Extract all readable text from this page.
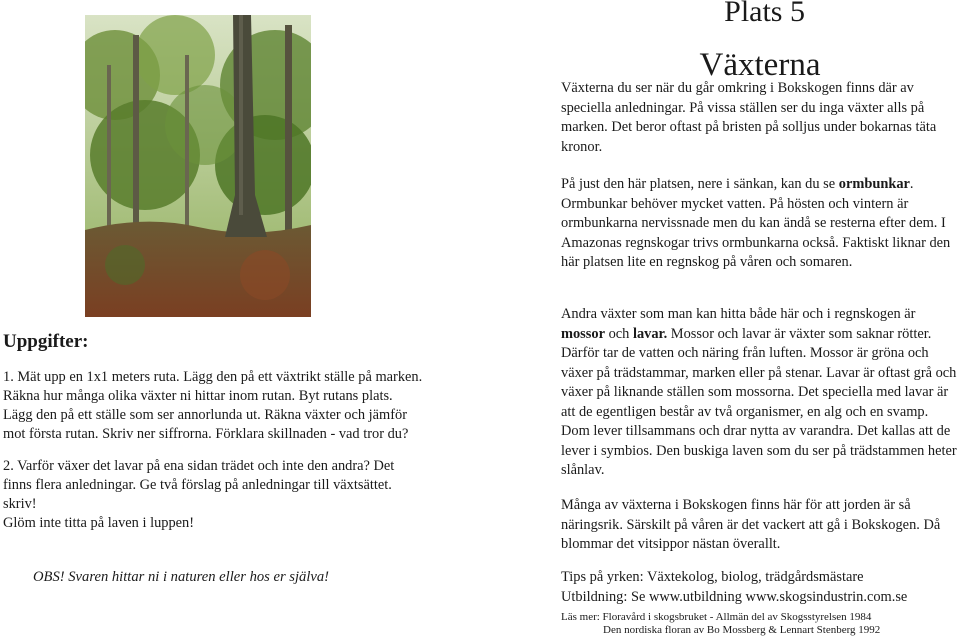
Plats 5
Växterna

Växterna du ser när du går omkring i Bokskogen finns där av speciella anledningar. På vissa ställen ser du inga växter alls på marken. Det beror oftast på bristen på solljus under bokarnas täta kronor.

På just den här platsen, nere i sänkan, kan du se ormbunkar. Ormbunkar behöver mycket vatten. På hösten och vintern är ormbunkarna nervissnade men du kan ändå se resterna efter dem. I Amazonas regnskogar trivs ormbunkarna också. Faktiskt liknar den här platsen lite en regnskog på våren och somaren.

Andra växter som man kan hitta både här och i regnskogen är mossor och lavar. Mossor och lavar är växter som saknar rötter. Därför tar de vatten och näring från luften. Mossor är gröna och växer på trädstammar, marken eller på stenar. Lavar är oftast grå och växer på liknande ställen som mossorna. Det speciella med lavar är att de egentligen består av två organismer, en alg och en svamp. Dom lever tillsammans och drar nytta av varandra. Det kallas att de lever i symbios. Den buskiga laven som du ser på trädstammen heter slånlav.

Många av växterna i Bokskogen finns här för att jorden är så näringsrik. Särskilt på våren är det vackert att gå i Bokskogen. Då blommar det vitsippor nästan överallt.

Tips på yrken: Växtekolog, biolog, trädgårdsmästare
Utbildning: Se www.utbildning www.skogsindustrin.com.se
Läs mer: Floravård i skogsbruket - Allmän del av Skogsstyrelsen 1984
Den nordiska floran av Bo Mossberg & Lennart Stenberg 1992
Uppgifter:

1. Mät upp en 1x1 meters ruta. Lägg den på ett växtrikt ställe på marken. Räkna hur många olika växter ni hittar inom rutan. Byt rutans plats. Lägg den på ett ställe som ser annorlunda ut. Räkna växter och jämför mot första rutan. Skriv ner siffrorna. Förklara skillnaden - vad tror du?

2. Varför växer det lavar på ena sidan trädet och inte den andra? Det finns flera anledningar. Ge två förslag på anledningar till växtsättet. skriv!
Glöm inte titta på laven i luppen!

OBS! Svaren hittar ni i naturen eller hos er själva!
